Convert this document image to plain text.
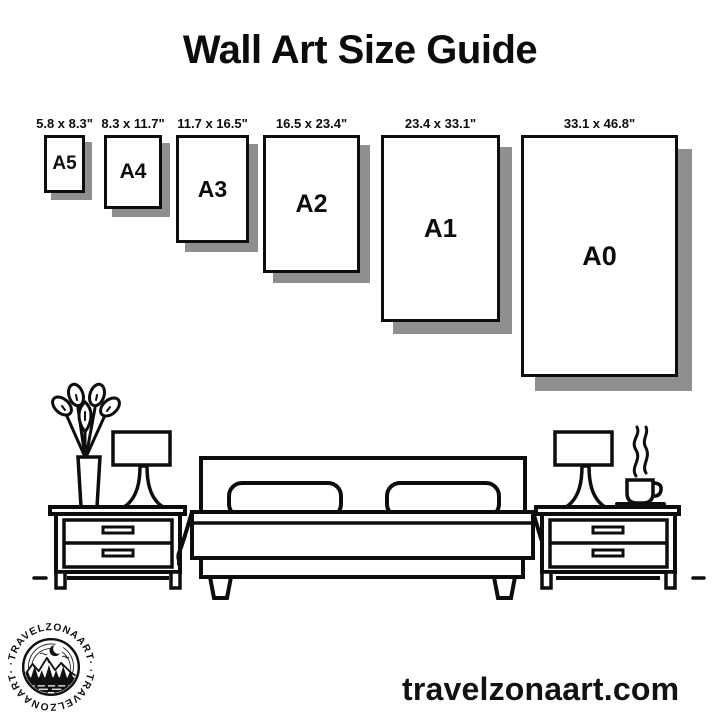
Wall Art Size Guide
5.8 x 8.3"
A5
8.3 x 11.7"
A4
11.7 x 16.5"
A3
16.5 x 23.4"
A2
23.4 x 33.1"
A1
33.1 x 46.8"
A0
·TRAVELZONAART·
·TRAVELZONAART·
travelzonaart.com
